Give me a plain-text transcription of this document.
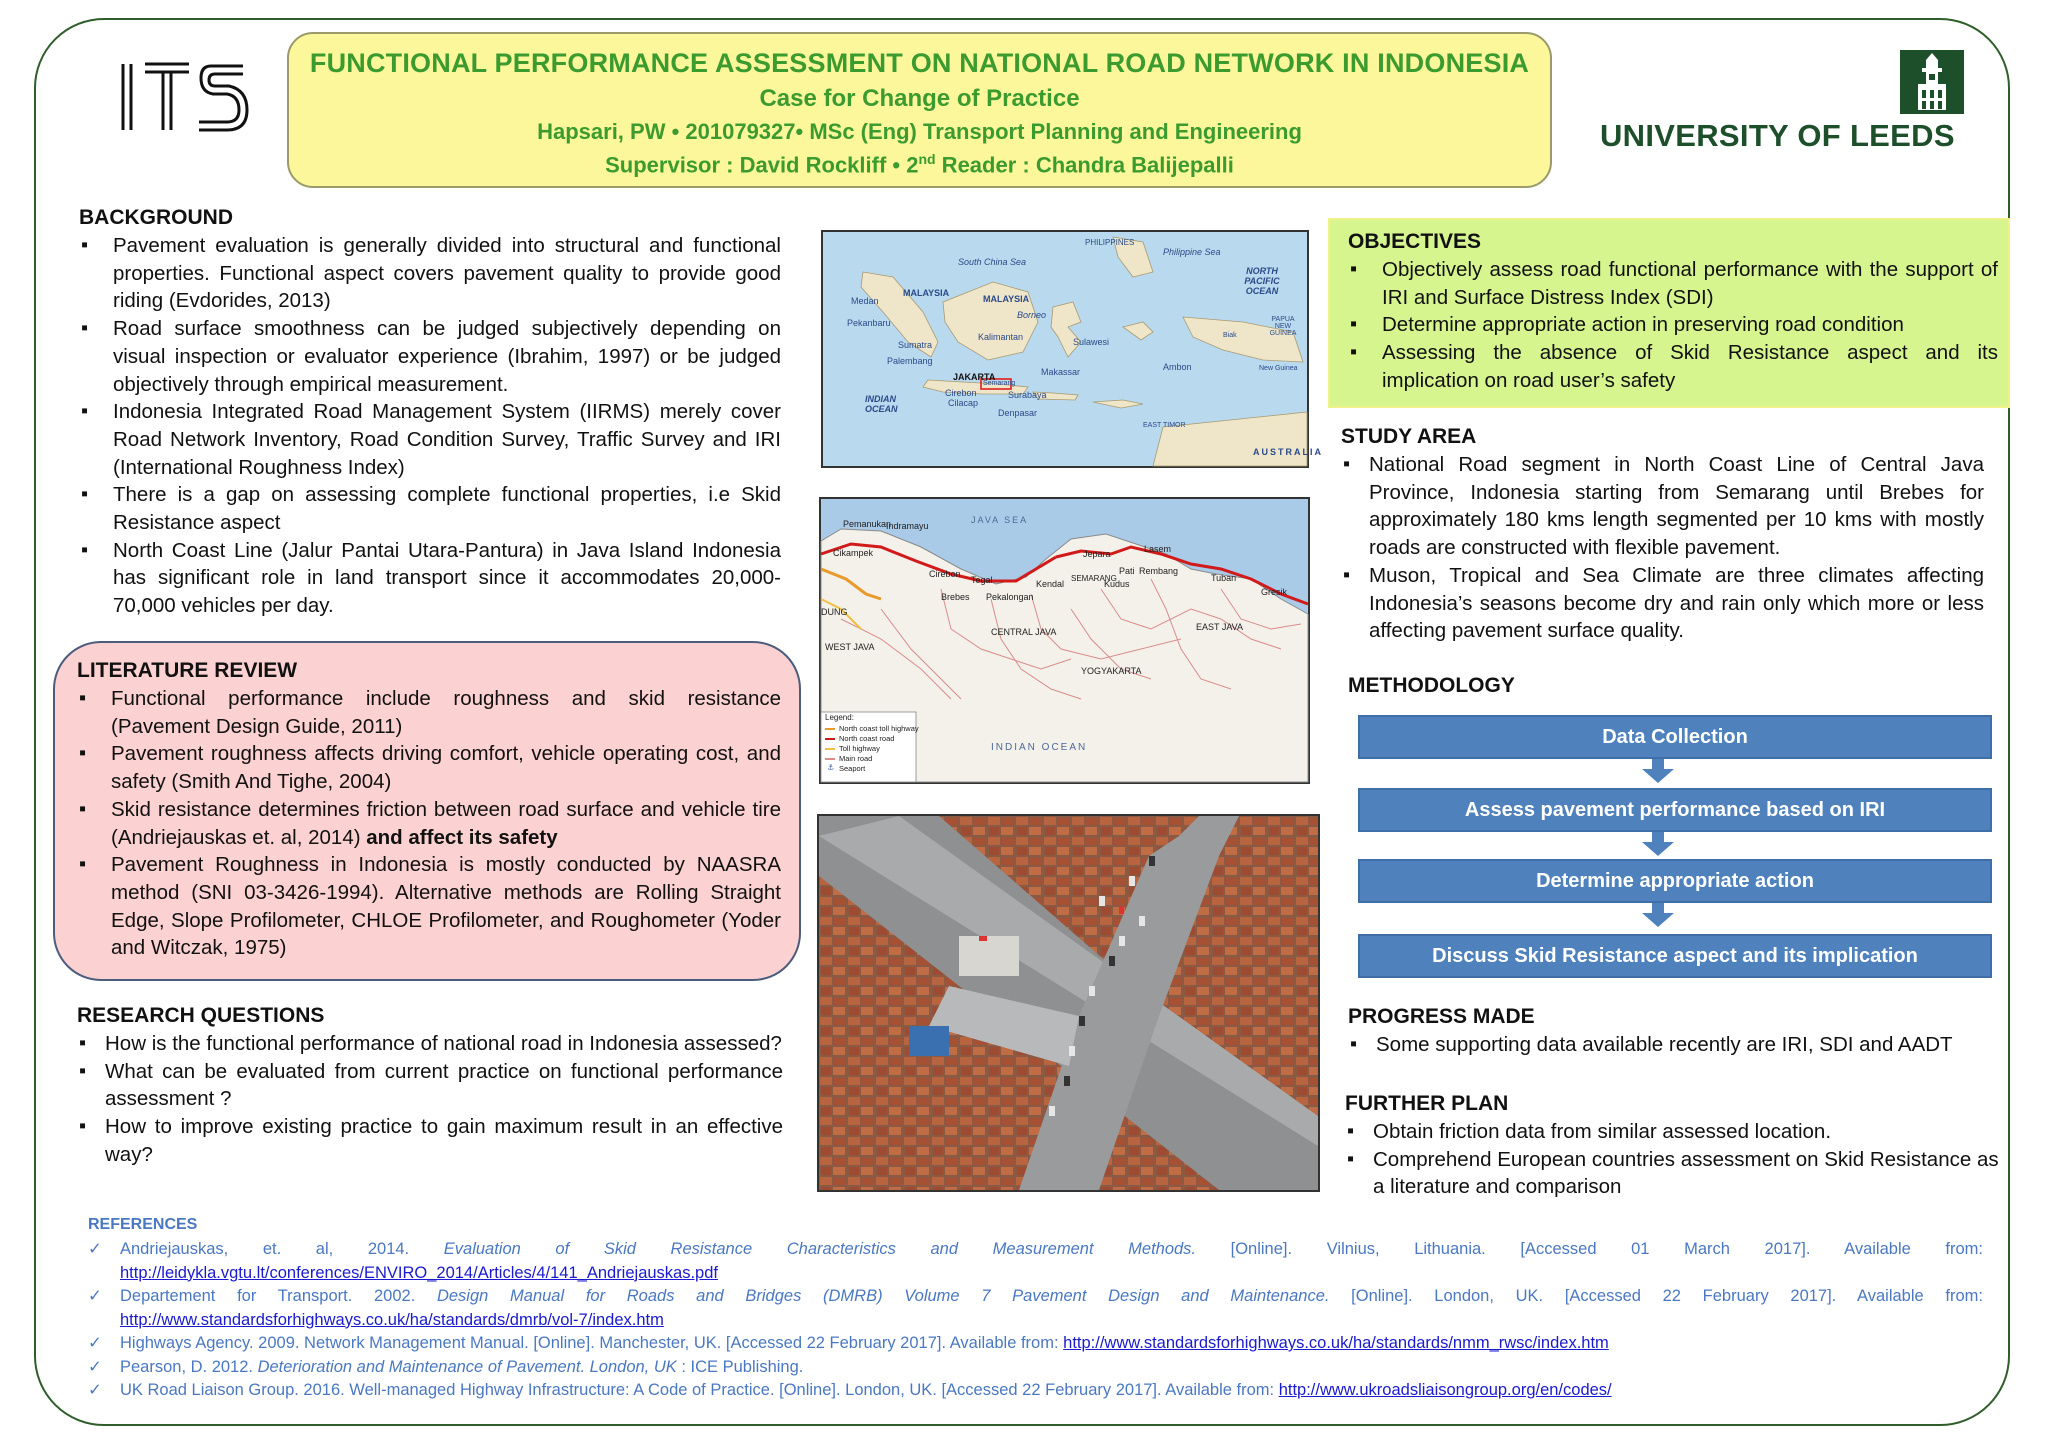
FUNCTIONAL PERFORMANCE ASSESSMENT ON NATIONAL ROAD NETWORK IN INDONESIA
Case for Change of Practice
Hapsari, PW • 201079327• MSc (Eng) Transport Planning and Engineering
Supervisor : David Rockliff • 2nd Reader : Chandra Balijepalli
UNIVERSITY OF LEEDS
BACKGROUND
▪ Pavement evaluation is generally divided into structural and functional properties. Functional aspect covers pavement quality to provide good riding (Evdorides, 2013)
▪ Road surface smoothness can be judged subjectively depending on visual inspection or evaluator experience (Ibrahim, 1997) or be judged objectively through empirical measurement.
▪ Indonesia Integrated Road Management System (IIRMS) merely cover Road Network Inventory, Road Condition Survey, Traffic Survey and IRI (International Roughness Index)
▪ There is a gap on assessing complete functional properties, i.e Skid Resistance aspect
▪ North Coast Line (Jalur Pantai Utara-Pantura) in Java Island Indonesia has significant role in land transport since it accommodates 20,000-70,000 vehicles per day.
LITERATURE REVIEW
▪ Functional performance include roughness and skid resistance (Pavement Design Guide, 2011)
▪ Pavement roughness affects driving comfort, vehicle operating cost, and safety (Smith And Tighe, 2004)
▪ Skid resistance determines friction between road surface and vehicle tire (Andriejauskas et. al, 2014) and affect its safety
▪ Pavement Roughness in Indonesia is mostly conducted by NAASRA method (SNI 03-3426-1994). Alternative methods are Rolling Straight Edge, Slope Profilometer, CHLOE Profilometer, and Roughometer (Yoder and Witczak, 1975)
RESEARCH QUESTIONS
▪ How is the functional performance of national road in Indonesia assessed?
▪ What can be evaluated from current practice on functional performance assessment ?
▪ How to improve existing practice to gain maximum result in an effective way?
PHILIPPINES
South China Sea
Philippine Sea
NORTH PACIFIC OCEAN
MALAYSIA
MALAYSIA
Borneo
Kalimantan
Medan
Pekanbaru
Sumatra
Palembang
JAKARTA
Semarang
Surabaya
Cirebon
Cilacap
Denpasar
INDIAN OCEAN
Makassar
Sulawesi
Ambon
PAPUA NEW GUINEA
New Guinea
Biak
EAST TIMOR
AUSTRALIA
JAVA SEA
INDIAN OCEAN
Pemanukan
Indramayu
Cikampek
Cirebon
Tegal
Brebes Pekalongan
Kendal
SEMARANG
Jepara
Pati
Kudus
Rembang
Lasem
Tuban
Gresik
CENTRAL JAVA	EAST JAVA
WEST JAVA
YOGYAKARTA
DUNG
Legend:
North coast toll highway
North coast road
Toll highway
Main road
⚓ Seaport
OBJECTIVES
▪ Objectively assess road functional performance with the support of IRI and Surface Distress Index (SDI)
▪ Determine appropriate action in preserving road condition
▪ Assessing the absence of Skid Resistance aspect and its implication on road user’s safety
STUDY AREA
▪ National Road segment in North Coast Line of Central Java Province, Indonesia starting from Semarang until Brebes for approximately 180 kms length segmented per 10 kms with mostly roads are constructed with flexible pavement.
▪ Muson, Tropical and Sea Climate are three climates affecting Indonesia’s seasons become dry and rain only which more or less affecting pavement surface quality.
METHODOLOGY
Data Collection
Assess pavement performance based on IRI
Determine appropriate action
Discuss Skid Resistance aspect and its implication
PROGRESS MADE
▪ Some supporting data available recently are IRI, SDI and AADT
FURTHER PLAN
▪ Obtain friction data from similar assessed location.
▪ Comprehend European countries assessment on Skid Resistance as a literature and comparison
REFERENCES
✓ Andriejauskas, et. al, 2014. Evaluation of Skid Resistance Characteristics and Measurement Methods. [Online]. Vilnius, Lithuania. [Accessed 01 March 2017]. Available from: http://leidykla.vgtu.lt/conferences/ENVIRO_2014/Articles/4/141_Andriejauskas.pdf
✓ Departement for Transport. 2002. Design Manual for Roads and Bridges (DMRB) Volume 7 Pavement Design and Maintenance. [Online]. London, UK. [Accessed 22 February 2017]. Available from: http://www.standardsforhighways.co.uk/ha/standards/dmrb/vol-7/index.htm
✓ Highways Agency. 2009. Network Management Manual. [Online]. Manchester, UK. [Accessed 22 February 2017]. Available from: http://www.standardsforhighways.co.uk/ha/standards/nmm_rwsc/index.htm
✓ Pearson, D. 2012. Deterioration and Maintenance of Pavement. London, UK : ICE Publishing.
✓ UK Road Liaison Group. 2016. Well-managed Highway Infrastructure: A Code of Practice. [Online]. London, UK. [Accessed 22 February 2017]. Available from: http://www.ukroadsliaisongroup.org/en/codes/
